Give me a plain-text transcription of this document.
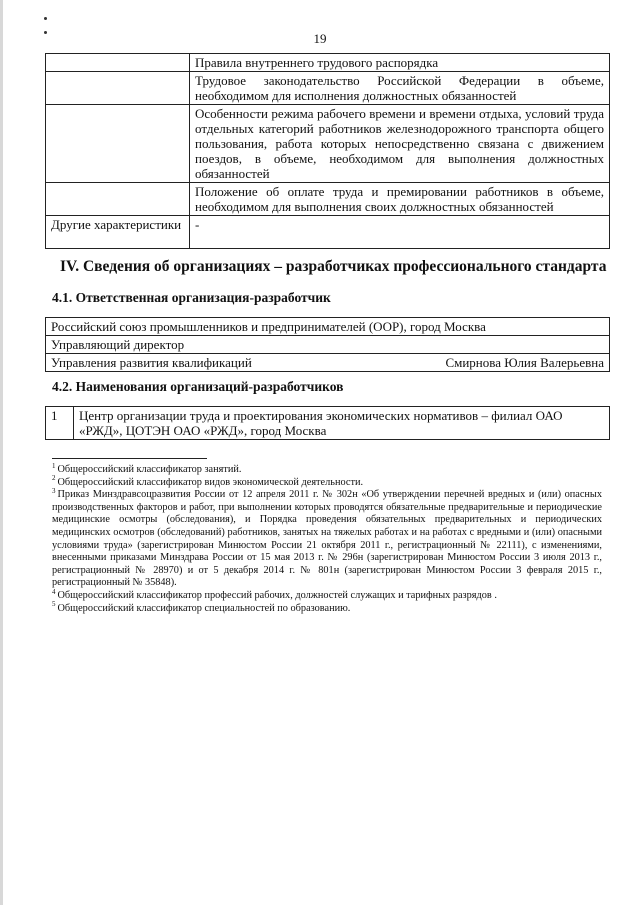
19
	Правила внутреннего трудового распорядка
	Трудовое законодательство Российской Федерации в объеме, необходимом для исполнения должностных обязанностей
	Особенности режима рабочего времени и времени отдыха, условий труда отдельных категорий работников железнодорожного транспорта общего пользования, работа которых непосредственно связана с движением поездов, в объеме, необходимом для выполнения должностных обязанностей
	Положение об оплате труда и премировании работников в объеме, необходимом для выполнения своих должностных обязанностей
Другие характеристики	-
IV. Сведения об организациях – разработчиках профессионального стандарта
4.1. Ответственная организация-разработчик
Российский союз промышленников и предпринимателей (ООР), город Москва
Управляющий директор

Управления развития квалификаций	Смирнова Юлия Валерьевна
4.2. Наименования организаций-разработчиков
1	Центр организации труда и проектирования экономических нормативов – филиал ОАО «РЖД», ЦОТЭН ОАО «РЖД», город Москва

$^1$ Общероссийский классификатор занятий.

$^2$ Общероссийский классификатор видов экономической деятельности.

$^3$ Приказ Минздравсоцразвития России от 12 апреля 2011 г. № 302н «Об утверждении перечней вредных и (или) опасных производственных факторов и работ, при выполнении которых проводятся обязательные предварительные и периодические медицинские осмотры (обследования), и Порядка проведения обязательных предварительных и периодических медицинских осмотров (обследований) работников, занятых на тяжелых работах и на работах с вредными и (или) опасными условиями труда» (зарегистрирован Минюстом России 21 октября 2011 г., регистрационный № 22111), с изменениями, внесенными приказами Минздрава России от 15 мая 2013 г. № 296н (зарегистрирован Минюстом России 3 июля 2013 г., регистрационный № 28970) и от 5 декабря 2014 г. № 801н (зарегистрирован Минюстом России 3 февраля 2015 г., регистрационный № 35848).

$^4$ Общероссийский классификатор профессий рабочих, должностей служащих и тарифных разрядов .

$^5$ Общероссийский классификатор специальностей по образованию.
